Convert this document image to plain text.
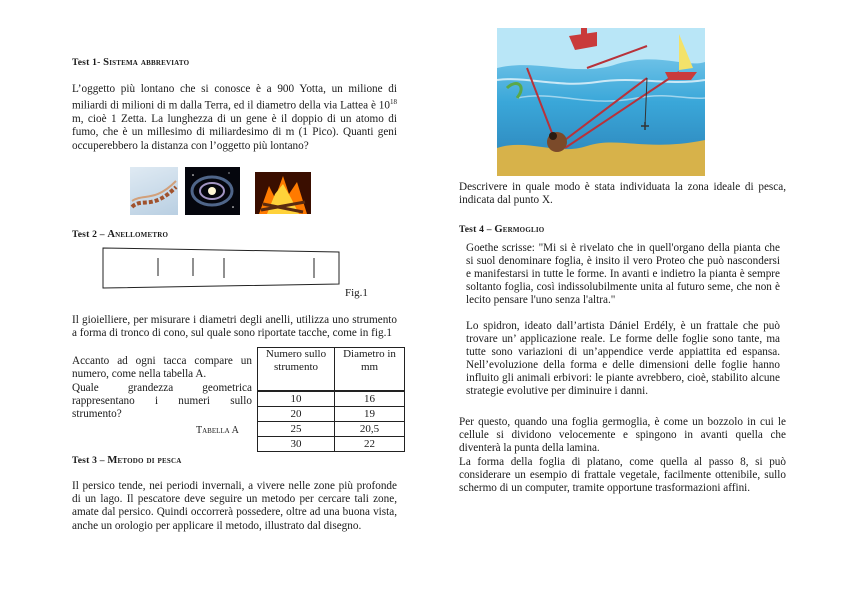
Test 1- Sistema abbreviato

L’oggetto più lontano che si conosce è a 900 Yotta, un milione di miliardi di milioni di m dalla Terra, ed il diametro della via Lattea è $10^{18}$ m, cioè 1 Zetta. La lunghezza di un gene è il doppio di un atomo di fumo, che è un millesimo di miliardesimo di m (1 Pico). Quanti geni occuperebbero la distanza con l’oggetto più lontano?

Test 2 – Anellometro
Fig.1

Il gioielliere, per misurare i diametri degli anelli, utilizza uno strumento a forma di tronco di cono, sul quale sono riportate tacche, come in fig.1

Accanto ad ogni tacca compare un numero, come nella tabella A.

Quale grandezza geometrica rappresentano i numeri sullo strumento?

Tabella A
Numero sullo strumento	Diametro in mm
10	16
20	19
25	20,5
30	22
Test 3 – Metodo di pesca

Il persico tende, nei periodi invernali, a vivere nelle zone più profonde di un lago. Il pescatore deve seguire un metodo per cercare tali zone, amate dal persico. Quindi occorrerà possedere, oltre ad una buona vista, anche un orologio per applicare il metodo, illustrato dal disegno.

Descrivere in quale modo è stata individuata la zona ideale di pesca, indicata dal punto X.

Test 4 – Germoglio

Goethe scrisse: "Mi si è rivelato che in quell'organo della pianta che si suol denominare foglia, è insito il vero Proteo che può nascondersi e manifestarsi in tutte le forme. In avanti e indietro la pianta è sempre soltanto foglia, così indissolubilmente unita al futuro seme, che non è lecito pensare l'uno senza l'altra."

Lo spidron, ideato dall’artista Dániel Erdély, è un frattale che può trovare un’ applicazione reale. Le forme delle foglie sono tante, ma tutte sono variazioni di un’appendice verde appiattita ed espansa. Nell’evoluzione della forma e delle dimensioni delle foglie hanno influito gli animali erbivori: le piante avrebbero, cioè, stabilito alcune strategie evolutive per diminuire i danni.

Per questo, quando una foglia germoglia, è come un bozzolo in cui le cellule si dividono velocemente e spingono in avanti quella che diventerà la punta della lamina.

La forma della foglia di platano, come quella al passo 8, si può considerare un esempio di frattale vegetale, facilmente ottenibile, sullo schermo di un computer, tramite opportune trasformazioni affini.
